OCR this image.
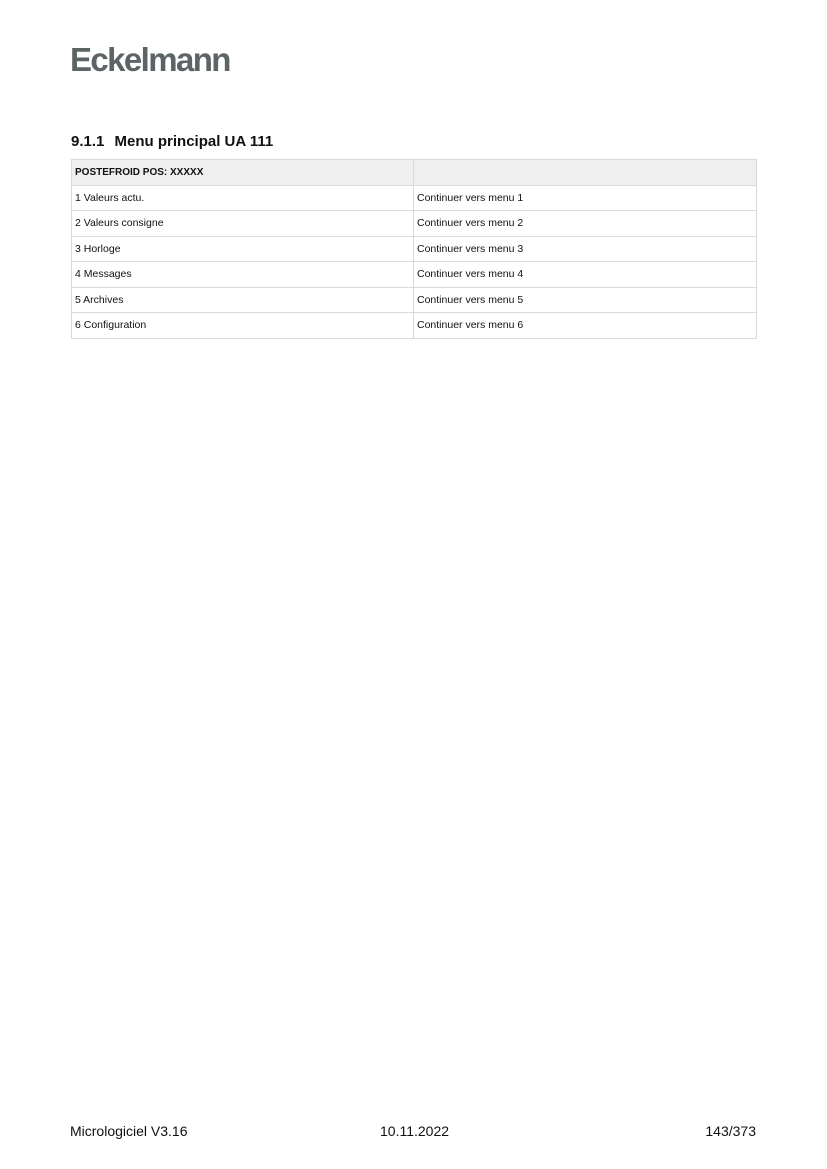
Eckelmann
9.1.1 Menu principal UA 111
POSTEFROID POS: XXXXX	
1 Valeurs actu.	Continuer vers menu 1
2 Valeurs consigne	Continuer vers menu 2
3 Horloge	Continuer vers menu 3
4 Messages	Continuer vers menu 4
5 Archives	Continuer vers menu 5
6 Configuration	Continuer vers menu 6
Micrologiciel V3.16	10.11.2022	143/373
